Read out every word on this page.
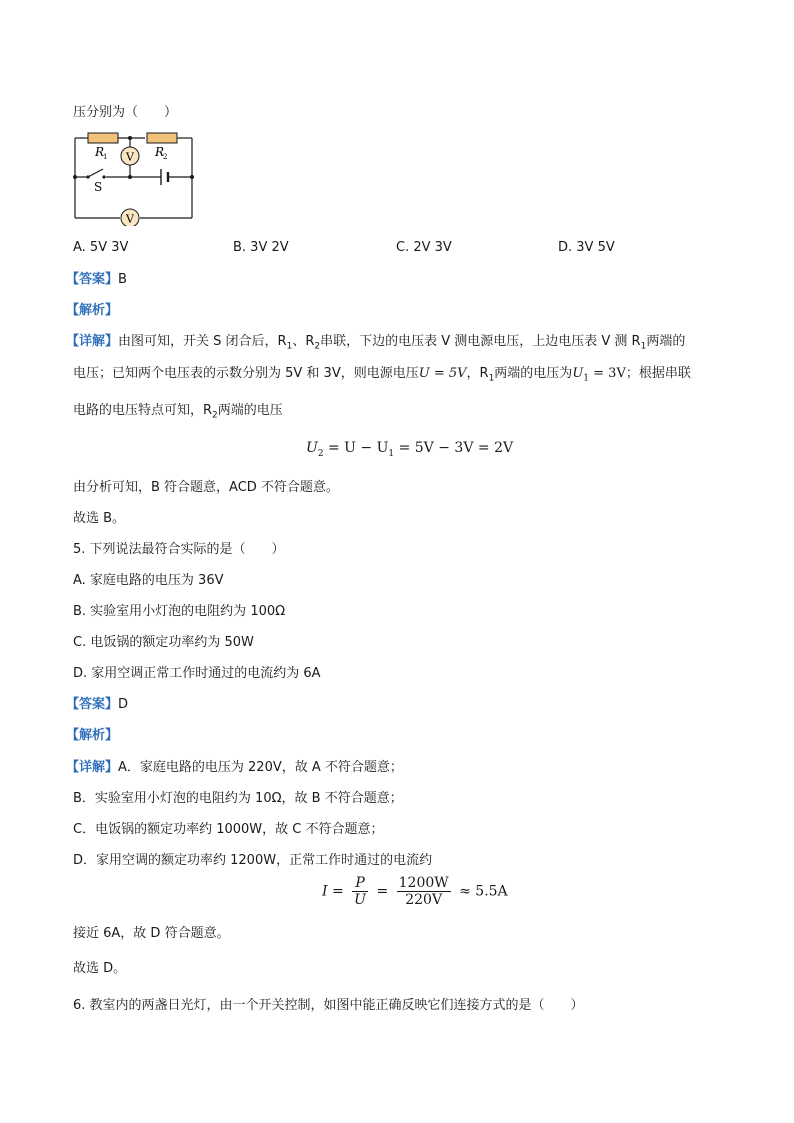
压分别为（　　）
V
V
R
1	R
2
S
A. 5V 3V	B. 3V 2V	C. 2V 3V	D. 3V 5V
【答案】B
【解析】
【详解】由图可知，开关 S 闭合后，$R_1$、$R_2$串联，下边的电压表 V 测电源电压，上边电压表 V 测 $R_1$两端的
电压；已知两个电压表的示数分别为 5V 和 3V，则电源电压U = 5V，$R_1$两端的电压为$U_1 = 3V$；根据串联
电路的电压特点可知，$R_2$两端的电压
$U_2 = U - U_1 = 5V - 3V = 2V$
由分析可知，B 符合题意，ACD 不符合题意。
故选 B。
5. 下列说法最符合实际的是（　　）
A. 家庭电路的电压为 36V
B. 实验室用小灯泡的电阻约为 100Ω
C. 电饭锅的额定功率约为 50W
D. 家用空调正常工作时通过的电流约为 6A
【答案】D
【解析】
【详解】A．家庭电路的电压为 220V，故 A 不符合题意；
B．实验室用小灯泡的电阻约为 10Ω，故 B 不符合题意；
C．电饭锅的额定功率约 1000W，故 C 不符合题意；
D．家用空调的额定功率约 1200W，正常工作时通过的电流约
$I = \frac{P}{U} = \frac{1200W}{220V} \approx 5.5A$
接近 6A，故 D 符合题意。
故选 D。
6. 教室内的两盏日光灯，由一个开关控制，如图中能正确反映它们连接方式的是（　　）
